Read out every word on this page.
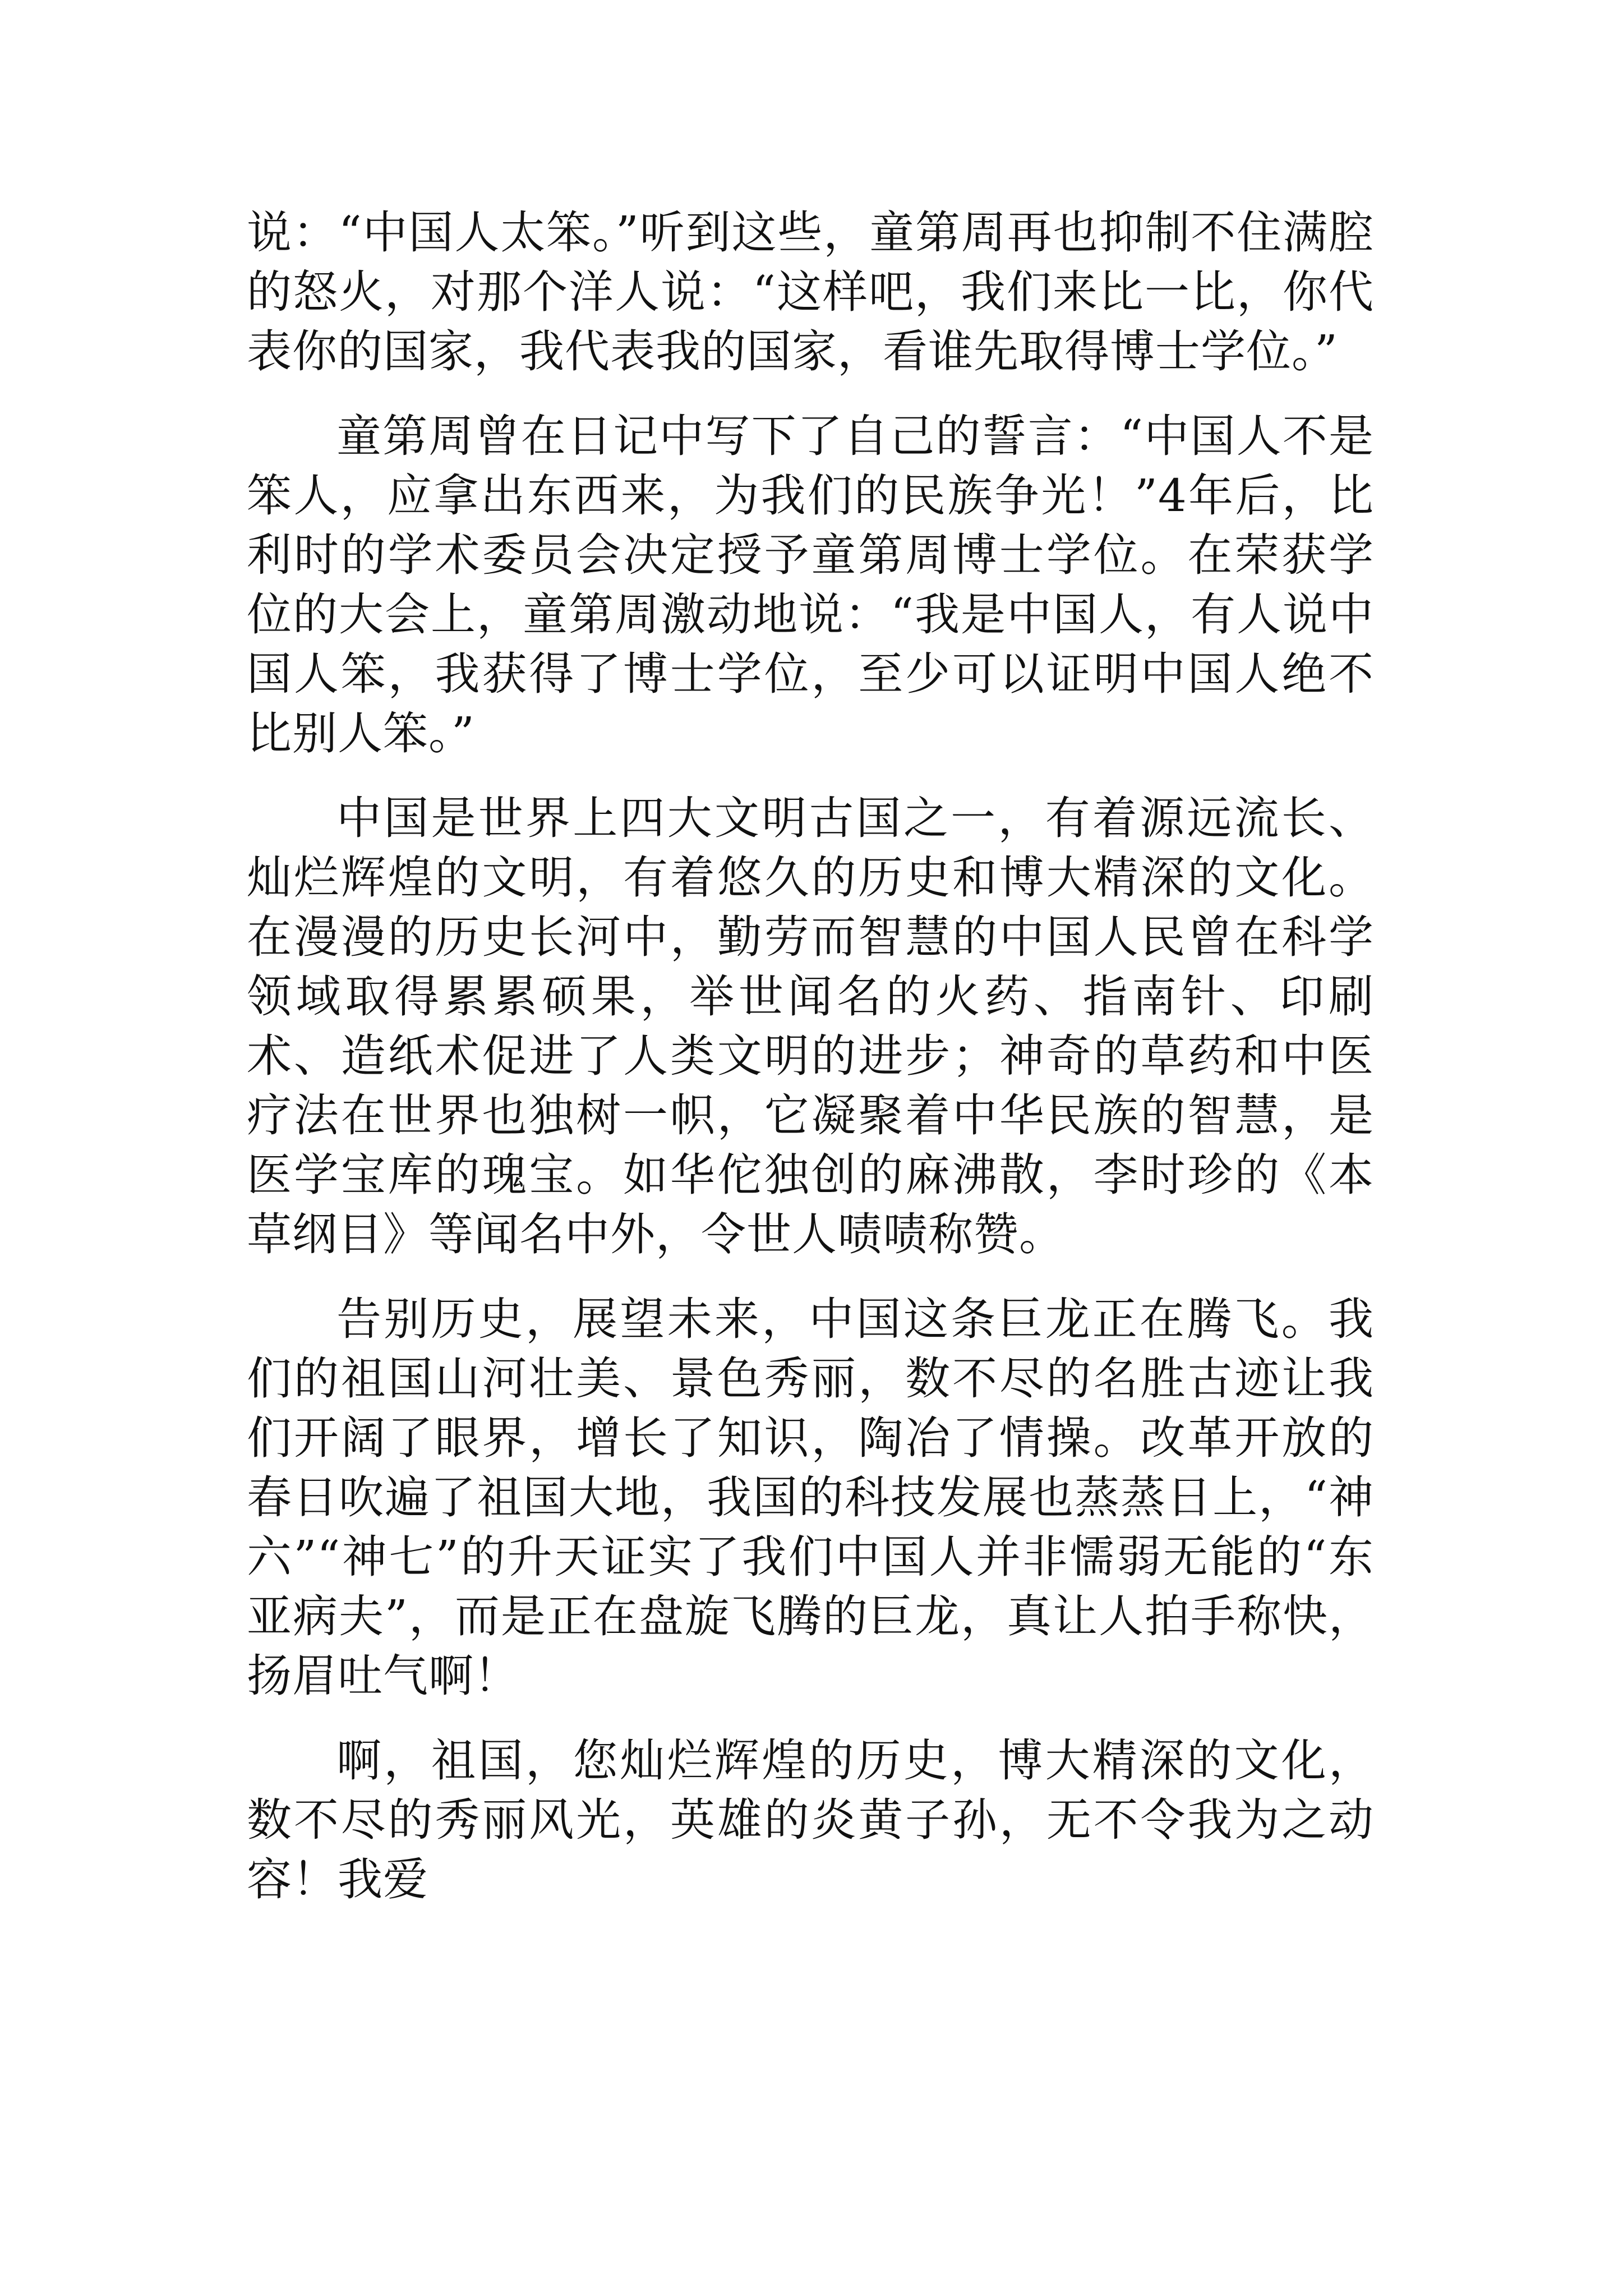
说：“中国人太笨。”听到这些，童第周再也抑制不住满腔的怒火，对那个洋人说：“这样吧，我们来比一比，你代表你的国家，我代表我的国家，看谁先取得博士学位。”

童第周曾在日记中写下了自己的誓言：“中国人不是笨人，应拿出东西来，为我们的民族争光！”4年后，比利时的学术委员会决定授予童第周博士学位。在荣获学位的大会上，童第周激动地说：“我是中国人，有人说中国人笨，我获得了博士学位，至少可以证明中国人绝不比别人笨。”

中国是世界上四大文明古国之一，有着源远流长、灿烂辉煌的文明，有着悠久的历史和博大精深的文化。在漫漫的历史长河中，勤劳而智慧的中国人民曾在科学领域取得累累硕果，举世闻名的火药、指南针、印刷术、造纸术促进了人类文明的进步；神奇的草药和中医疗法在世界也独树一帜，它凝聚着中华民族的智慧，是医学宝库的瑰宝。如华佗独创的麻沸散，李时珍的《本草纲目》等闻名中外，令世人啧啧称赞。

告别历史，展望未来，中国这条巨龙正在腾飞。我们的祖国山河壮美、景色秀丽，数不尽的名胜古迹让我们开阔了眼界，增长了知识，陶冶了情操。改革开放的春日吹遍了祖国大地，我国的科技发展也蒸蒸日上，“神六”“神七”的升天证实了我们中国人并非懦弱无能的“东亚病夫”，而是正在盘旋飞腾的巨龙，真让人拍手称快，扬眉吐气啊！

啊，祖国，您灿烂辉煌的历史，博大精深的文化，数不尽的秀丽风光，英雄的炎黄子孙，无不令我为之动容！我爱
